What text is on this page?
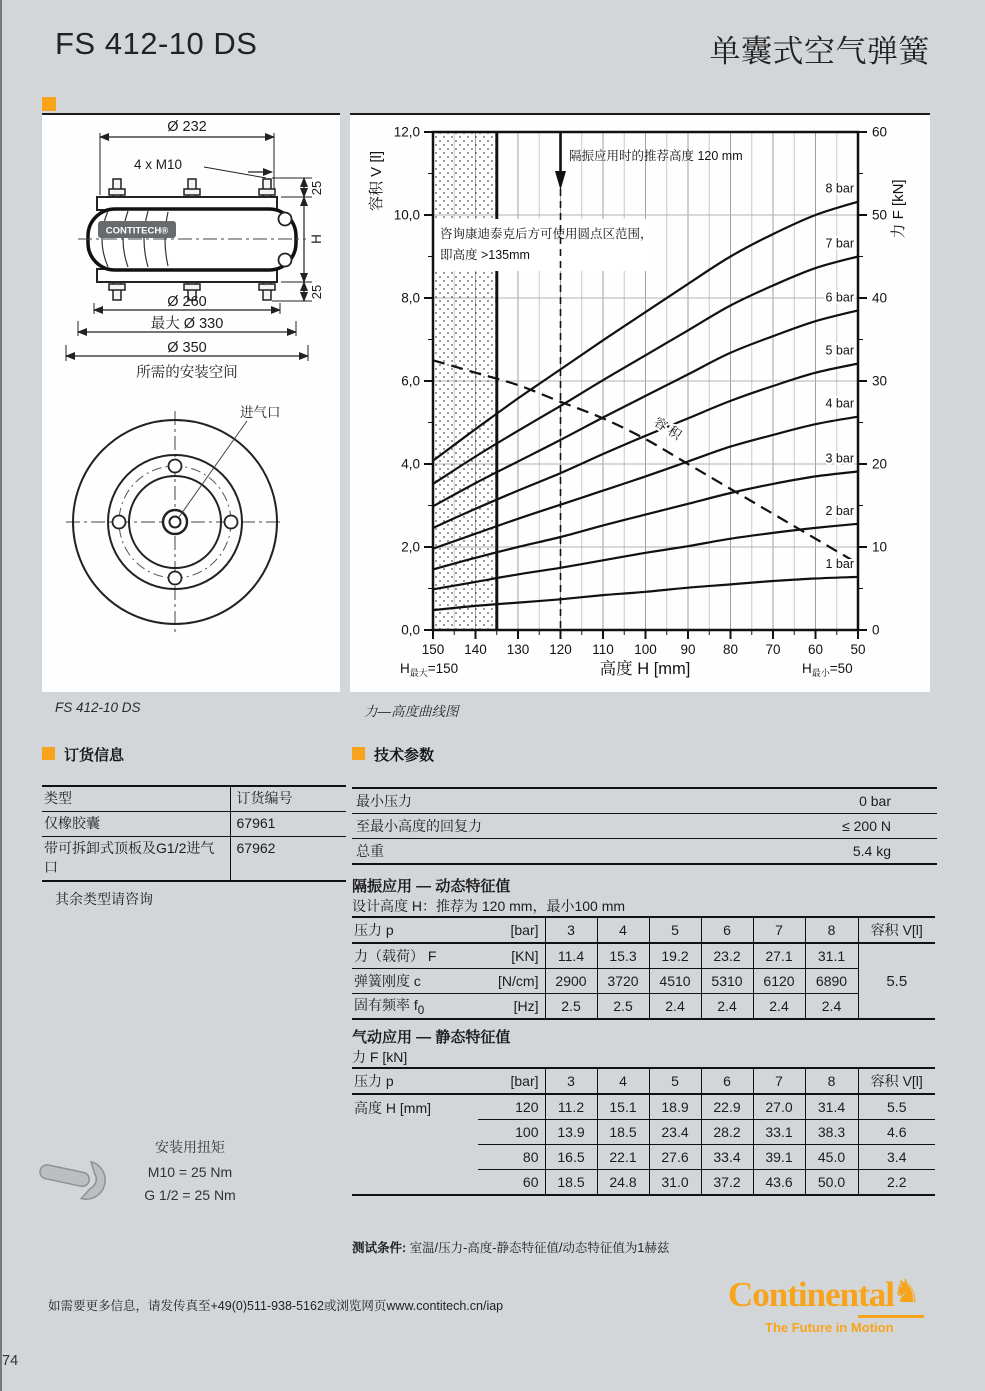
FS 412-10 DS	单囊式空气弹簧
CONTITECH®
Ø 232
4 x M10
25
H
25
Ø 260
最大 Ø 330
Ø 350
所需的安装空间
进气口
1 bar
2 bar
3 bar
4 bar
5 bar
6 bar
7 bar
8 bar
隔振应用时的推荐高度 120 mm
咨询康迪泰克后方可使用圆点区范围，
即高度 >135mm
容 积
150 140 130 120 110 100 90 80 70 60 50
0,0
2,0
4,0
6,0
8,0
10,0
12,0
0
10
20
30
40
50
60
容积 V [l]	力 F [kN]
高度 H [mm]
$H_{最大}=150$	$H_{最小}=50$
FS 412-10 DS	力—高度曲线图
订货信息
类型	订货编号
仅橡胶囊	67961
带可拆卸式顶板及G1/2进气口	67962
其余类型请咨询
技术参数
最小压力	0 bar
至最小高度的回复力	≤ 200 N
总重	5.4 kg
隔振应用 — 动态特征值
设计高度 H：推荐为 120 mm，最小100 mm
压力 p	[bar]	3	4	5	6	7	8	容积 V[l]
力（载荷） F	[KN]	11.4	15.3	19.2	23.2	27.1	31.1	5.5
弹簧刚度 c	[N/cm]	2900	3720	4510	5310	6120	6890	
固有频率 $f_0$	[Hz]	2.5	2.5	2.4	2.4	2.4	2.4	
气动应用 — 静态特征值
力 F [kN]
压力 p	[bar]	3	4	5	6	7	8	容积 V[l]
高度 H [mm]	120	11.2	15.1	18.9	22.9	27.0	31.4	5.5
	100	13.9	18.5	23.4	28.2	33.1	38.3	4.6
	80	16.5	22.1	27.6	33.4	39.1	45.0	3.4
	60	18.5	24.8	31.0	37.2	43.6	50.0	2.2
安装用扭矩
M10 = 25 Nm
G 1/2 = 25 Nm
测试条件: 室温/压力-高度-静态特征值/动态特征值为1赫兹
如需要更多信息，请发传真至+49(0)511-938-5162或浏览网页www.contitech.cn/iap	Continental
♞
The Future in Motion
74
